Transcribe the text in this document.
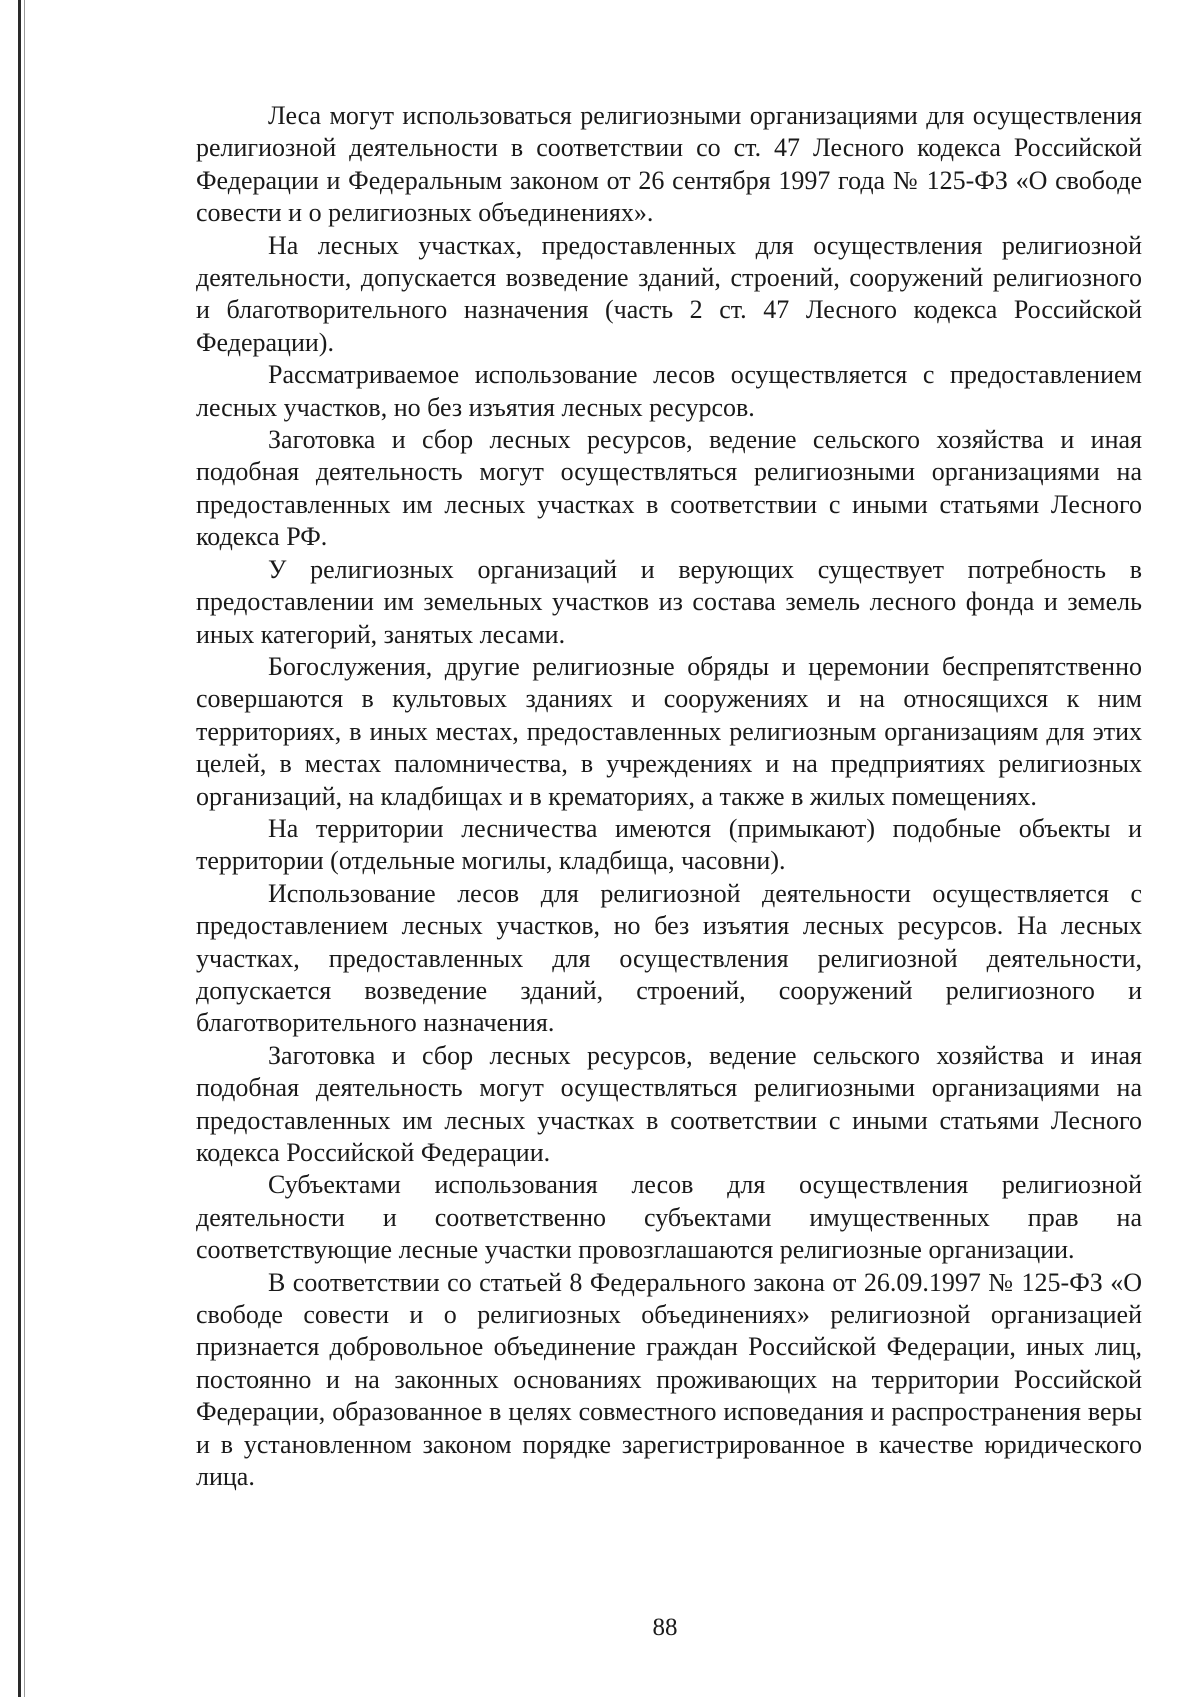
Леса могут использоваться религиозными организациями для осуществления религиозной деятельности в соответствии со ст. 47 Лесного кодекса Российской Федерации и Федеральным законом от 26 сентября 1997 года № 125-ФЗ «О свободе совести и о религиозных объединениях».

На лесных участках, предоставленных для осуществления религиозной деятельности, допускается возведение зданий, строений, сооружений религиозного и благотворительного назначения (часть 2 ст. 47 Лесного кодекса Российской Федерации).

Рассматриваемое использование лесов осуществляется с предоставлением лесных участков, но без изъятия лесных ресурсов.

Заготовка и сбор лесных ресурсов, ведение сельского хозяйства и иная подобная деятельность могут осуществляться религиозными организациями на предоставленных им лесных участках в соответствии с иными статьями Лесного кодекса РФ.

У религиозных организаций и верующих существует потребность в предоставлении им земельных участков из состава земель лесного фонда и земель иных категорий, занятых лесами.

Богослужения, другие религиозные обряды и церемонии беспрепятственно совершаются в культовых зданиях и сооружениях и на относящихся к ним территориях, в иных местах, предоставленных религиозным организациям для этих целей, в местах паломничества, в учреждениях и на предприятиях религиозных организаций, на кладбищах и в крематориях, а также в жилых помещениях.

На территории лесничества имеются (примыкают) подобные объекты и территории (отдельные могилы, кладбища, часовни).

Использование лесов для религиозной деятельности осуществляется с предоставлением лесных участков, но без изъятия лесных ресурсов. На лесных участках, предоставленных для осуществления религиозной деятельности, допускается возведение зданий, строений, сооружений религиозного и благотворительного назначения.

Заготовка и сбор лесных ресурсов, ведение сельского хозяйства и иная подобная деятельность могут осуществляться религиозными организациями на предоставленных им лесных участках в соответствии с иными статьями Лесного кодекса Российской Федерации.

Субъектами использования лесов для осуществления религиозной деятельности и соответственно субъектами имущественных прав на соответствующие лесные участки провозглашаются религиозные организации.

В соответствии со статьей 8 Федерального закона от 26.09.1997 № 125-ФЗ «О свободе совести и о религиозных объединениях» религиозной организацией признается добровольное объединение граждан Российской Федерации, иных лиц, постоянно и на законных основаниях проживающих на территории Российской Федерации, образованное в целях совместного исповедания и распространения веры и в установленном законом порядке зарегистрированное в качестве юридического лица.

88
